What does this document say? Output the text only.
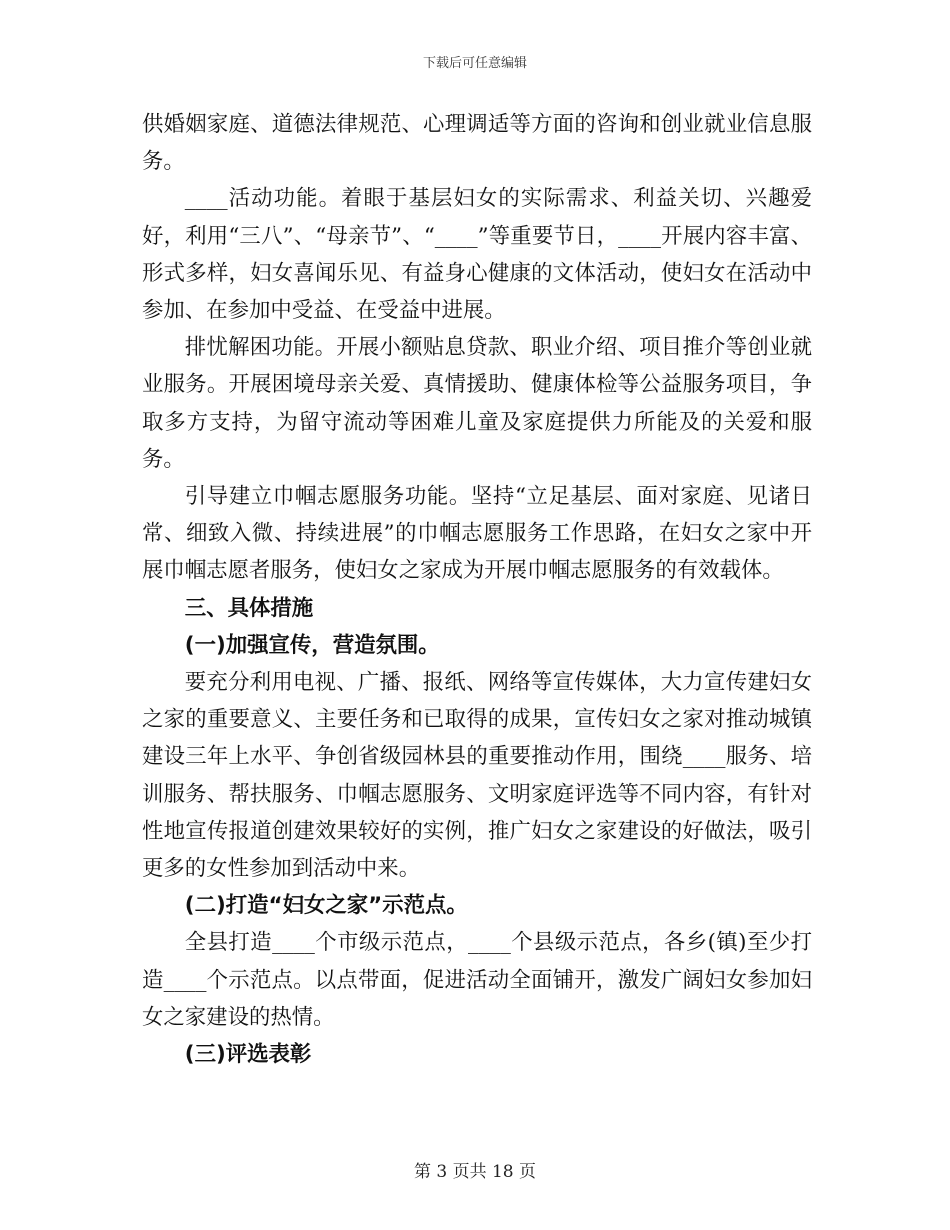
下载后可任意编辑

供婚姻家庭、道德法律规范、心理调适等方面的咨询和创业就业信息服务。

____活动功能。着眼于基层妇女的实际需求、利益关切、兴趣爱好，利用“三八”、“母亲节”、“____”等重要节日，____开展内容丰富、形式多样，妇女喜闻乐见、有益身心健康的文体活动，使妇女在活动中参加、在参加中受益、在受益中进展。

排忧解困功能。开展小额贴息贷款、职业介绍、项目推介等创业就业服务。开展困境母亲关爱、真情援助、健康体检等公益服务项目，争取多方支持，为留守流动等困难儿童及家庭提供力所能及的关爱和服务。

引导建立巾帼志愿服务功能。坚持“立足基层、面对家庭、见诸日常、细致入微、持续进展”的巾帼志愿服务工作思路，在妇女之家中开展巾帼志愿者服务，使妇女之家成为开展巾帼志愿服务的有效载体。

三、具体措施

(一)加强宣传，营造氛围。

要充分利用电视、广播、报纸、网络等宣传媒体，大力宣传建妇女之家的重要意义、主要任务和已取得的成果，宣传妇女之家对推动城镇建设三年上水平、争创省级园林县的重要推动作用，围绕____服务、培训服务、帮扶服务、巾帼志愿服务、文明家庭评选等不同内容，有针对性地宣传报道创建效果较好的实例，推广妇女之家建设的好做法，吸引更多的女性参加到活动中来。

(二)打造“妇女之家”示范点。

全县打造____个市级示范点，____个县级示范点，各乡(镇)至少打造____个示范点。以点带面，促进活动全面铺开，激发广阔妇女参加妇女之家建设的热情。

(三)评选表彰

第 3 页共 18 页
